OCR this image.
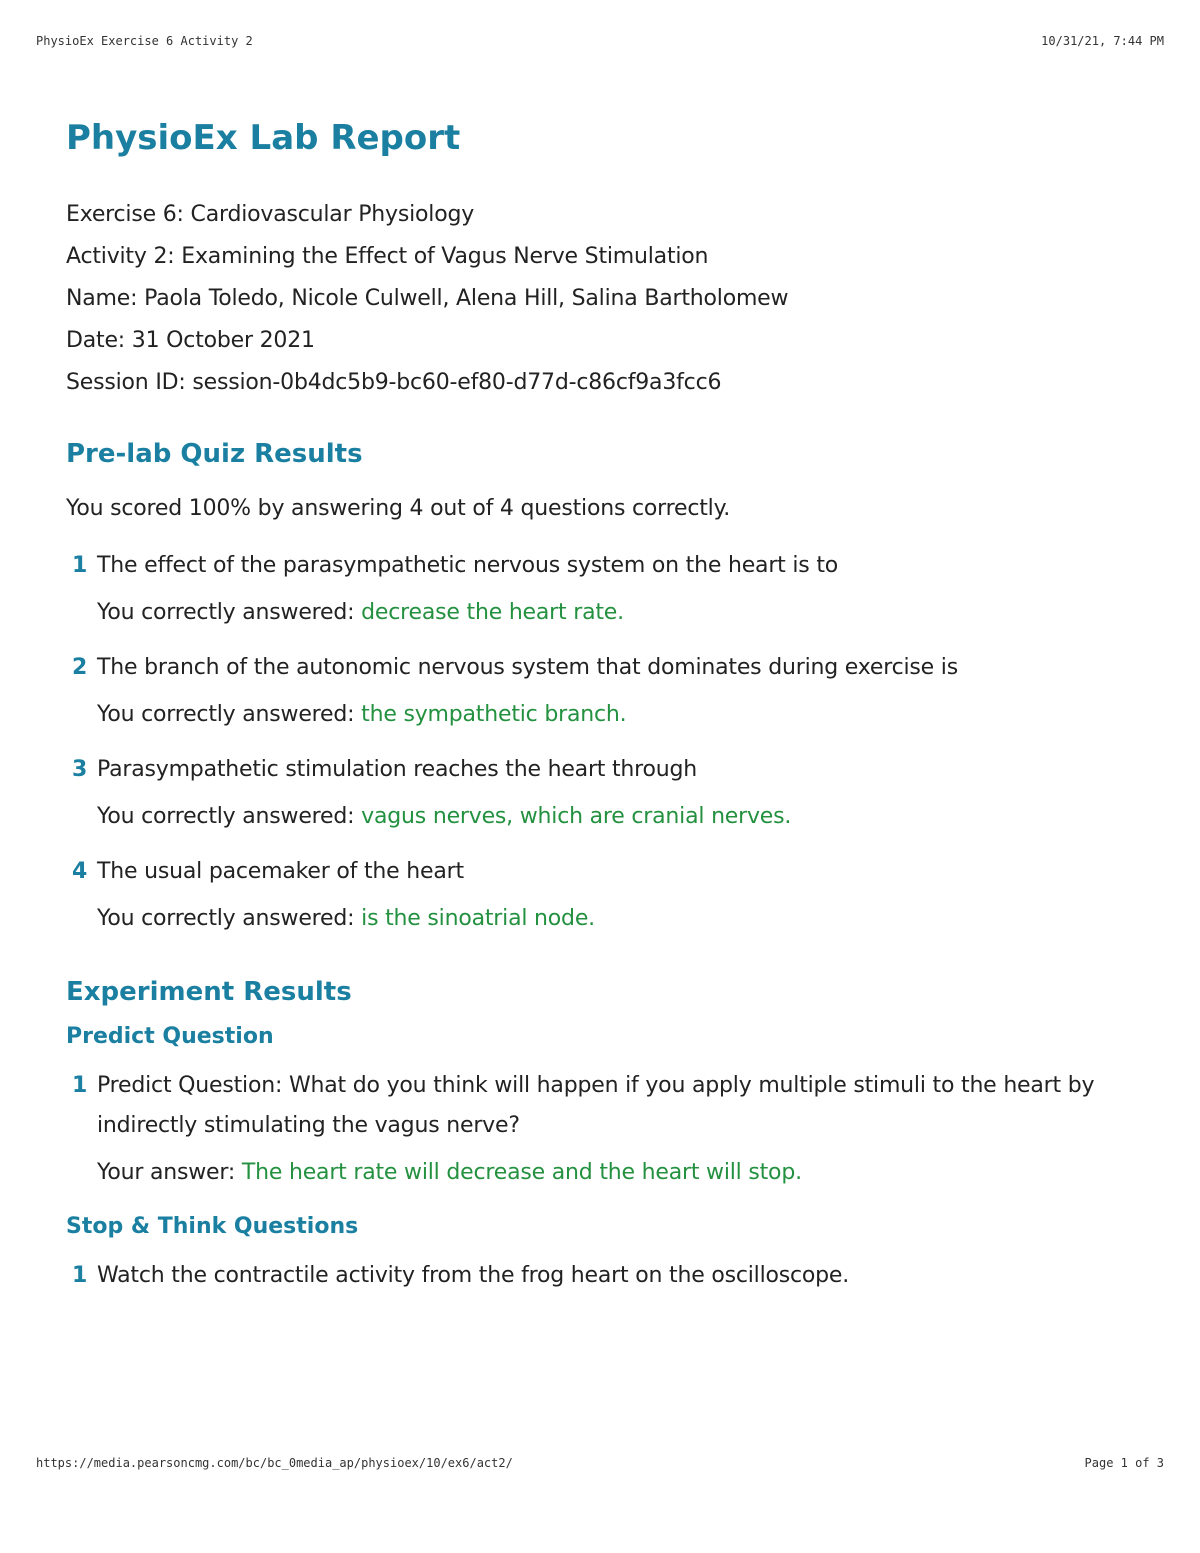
PhysioEx Exercise 6 Activity 2	10/31/21, 7:44 PM
PhysioEx Lab Report
Exercise 6: Cardiovascular Physiology
Activity 2: Examining the Effect of Vagus Nerve Stimulation
Name: Paola Toledo, Nicole Culwell, Alena Hill, Salina Bartholomew
Date: 31 October 2021
Session ID: session-0b4dc5b9-bc60-ef80-d77d-c86cf9a3fcc6
Pre-lab Quiz Results
You scored 100% by answering 4 out of 4 questions correctly.
1 The effect of the parasympathetic nervous system on the heart is to
You correctly answered: decrease the heart rate.
2 The branch of the autonomic nervous system that dominates during exercise is
You correctly answered: the sympathetic branch.
3 Parasympathetic stimulation reaches the heart through
You correctly answered: vagus nerves, which are cranial nerves.
4 The usual pacemaker of the heart
You correctly answered: is the sinoatrial node.
Experiment Results
Predict Question
1 Predict Question: What do you think will happen if you apply multiple stimuli to the heart by indirectly stimulating the vagus nerve?
Your answer: The heart rate will decrease and the heart will stop.
Stop & Think Questions
1 Watch the contractile activity from the frog heart on the oscilloscope.
https://media.pearsoncmg.com/bc/bc_0media_ap/physioex/10/ex6/act2/	Page 1 of 3
